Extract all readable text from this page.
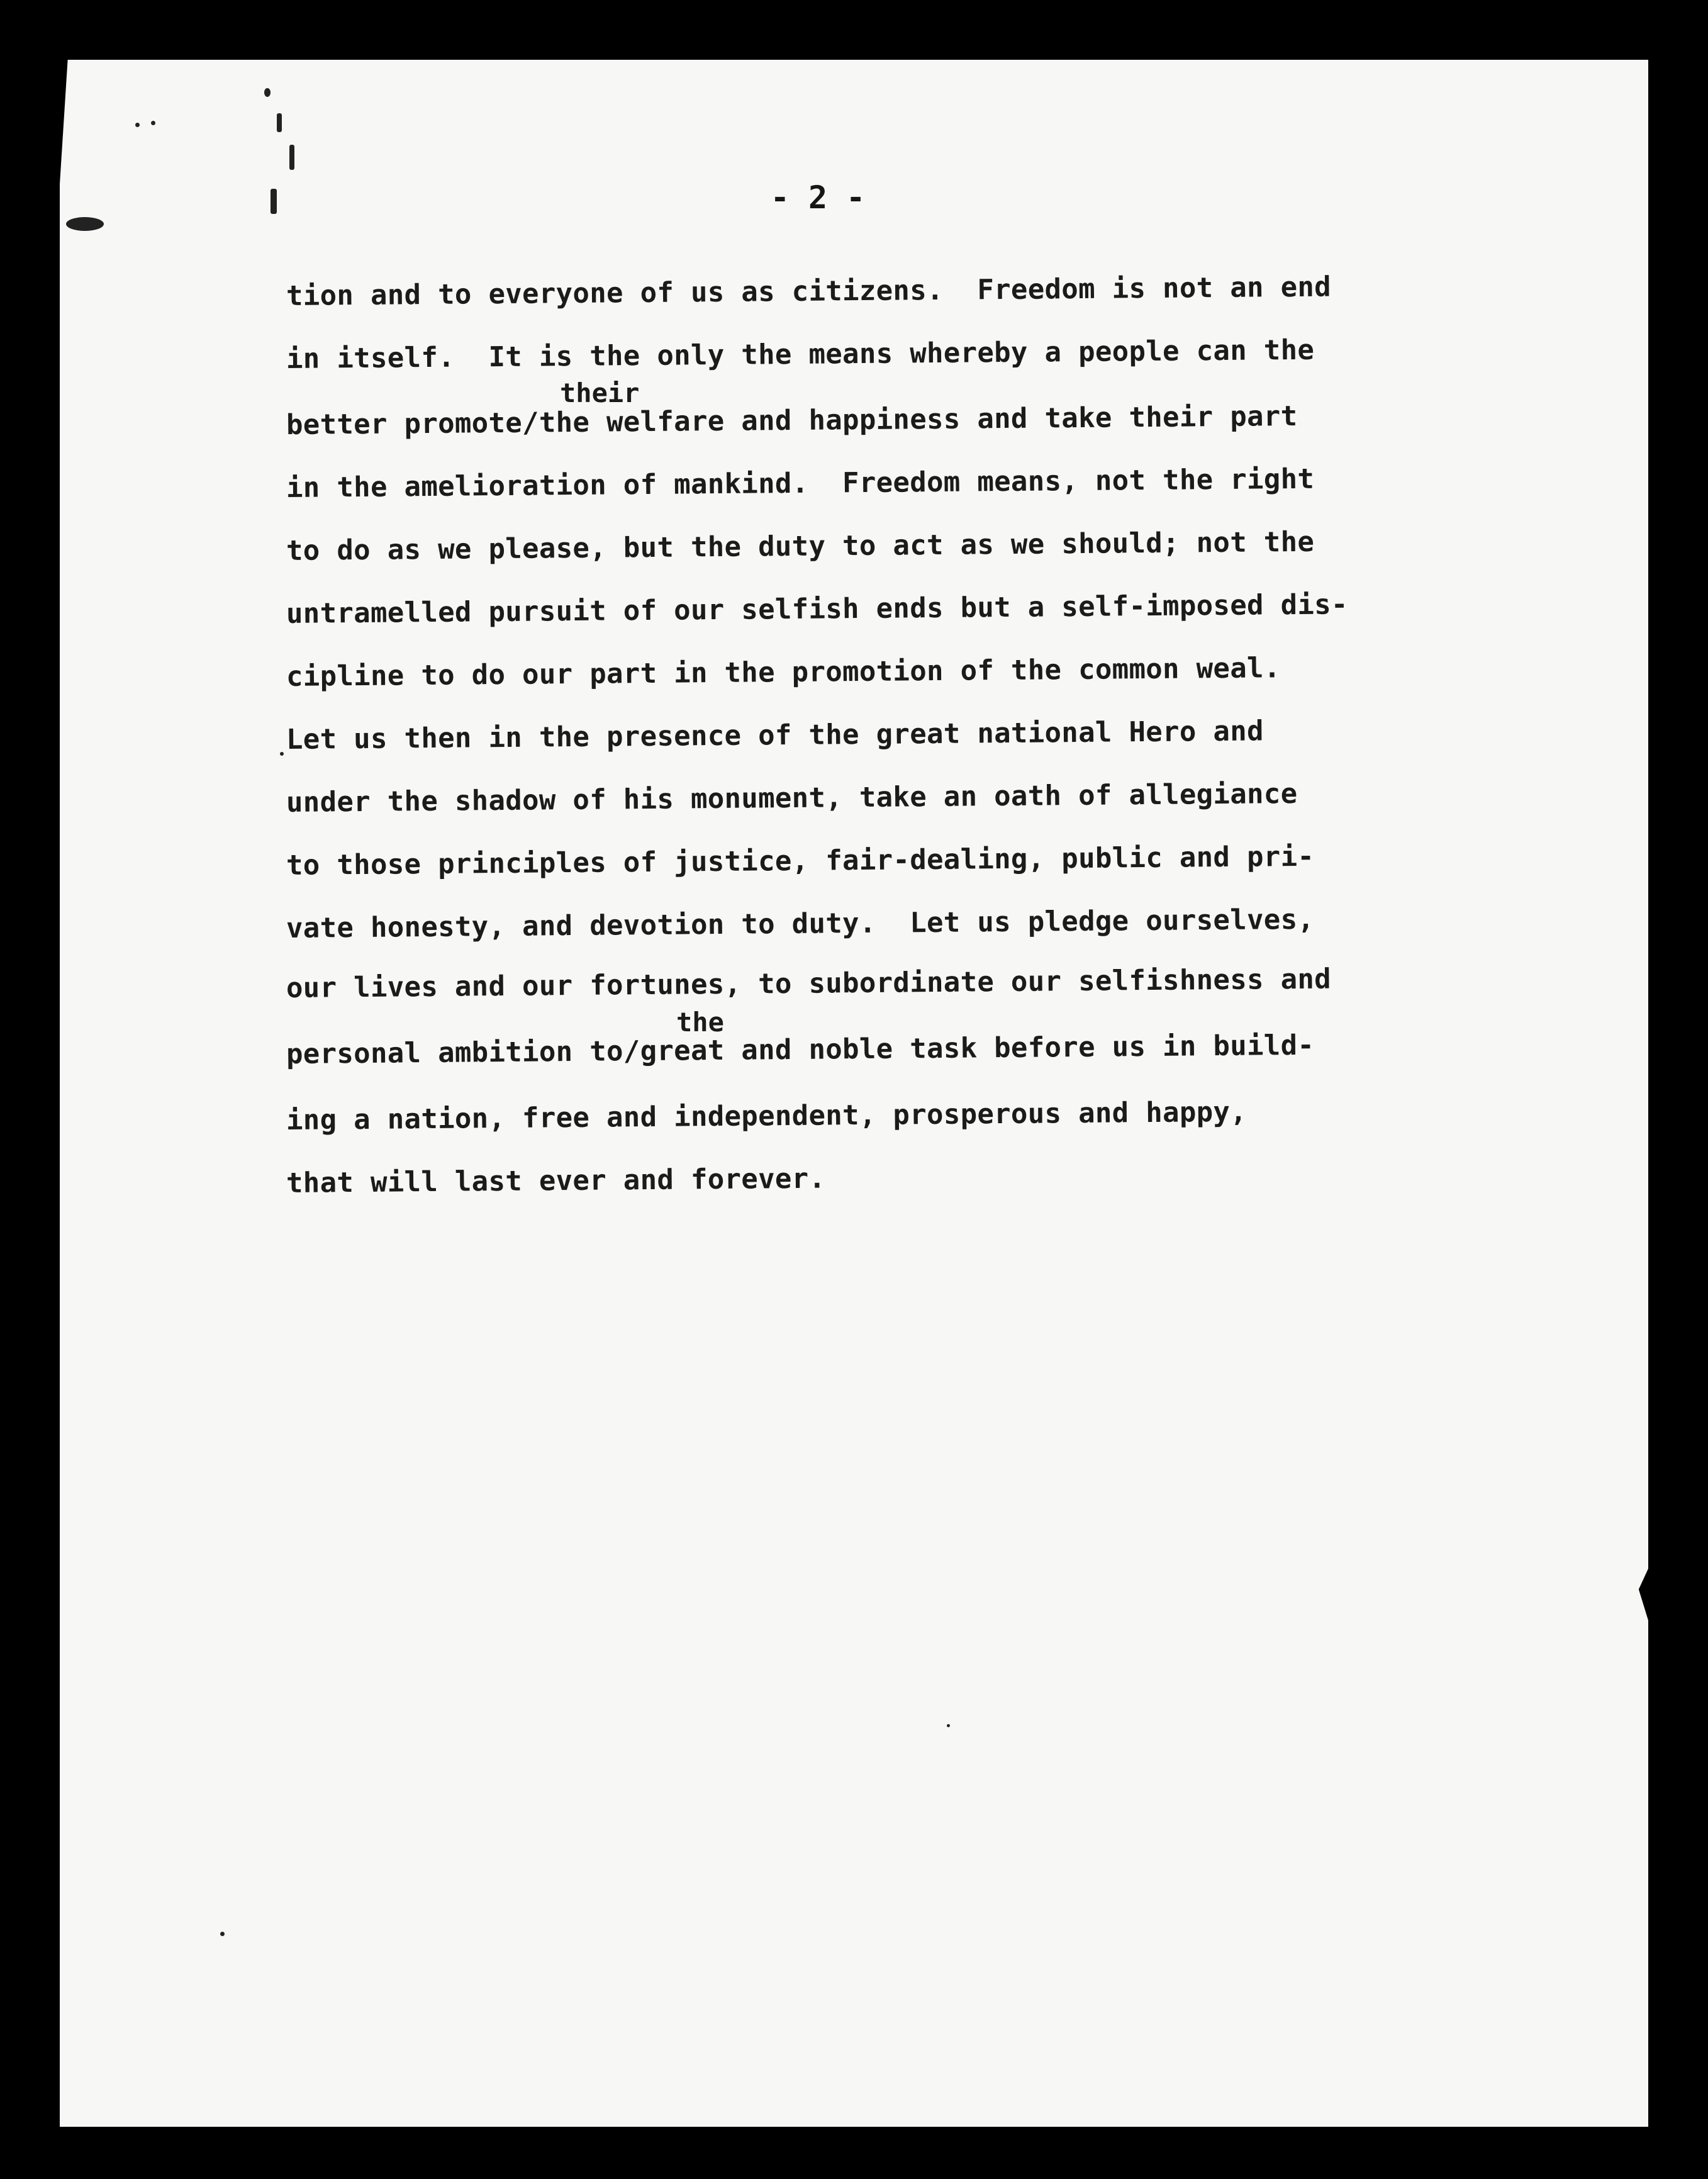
- 2 -
tion and to everyone of us as citizens.  Freedom is not an end
in itself.  It is the only the means whereby a people can the
their
better promote/the welfare and happiness and take their part
in the amelioration of mankind.  Freedom means, not the right
to do as we please, but the duty to act as we should; not the
untramelled pursuit of our selfish ends but a self-imposed dis-
cipline to do our part in the promotion of the common weal.
Let us then in the presence of the great national Hero and
under the shadow of his monument, take an oath of allegiance
to those principles of justice, fair-dealing, public and pri-
vate honesty, and devotion to duty.  Let us pledge ourselves,
our lives and our fortunes, to subordinate our selfishness and
the
personal ambition to/great and noble task before us in build-
ing a nation, free and independent, prosperous and happy,
that will last ever and forever.
